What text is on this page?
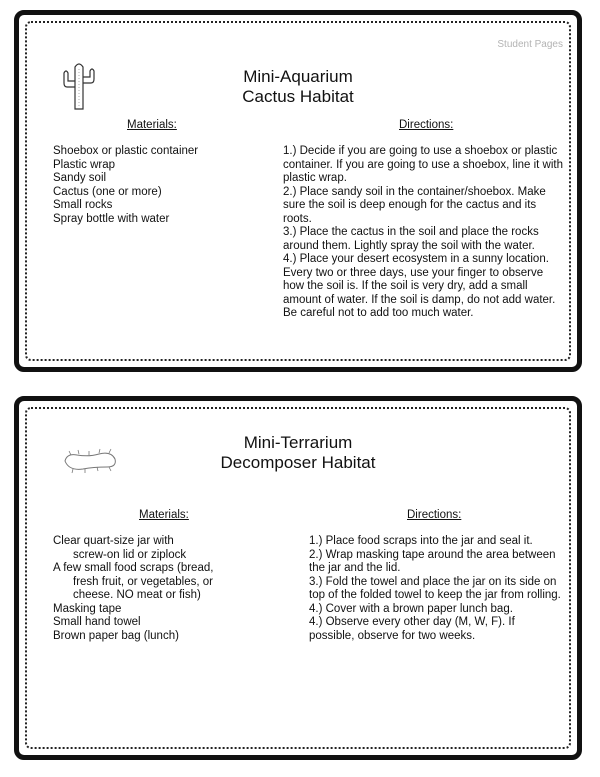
Student Pages
Mini-Aquarium
Cactus Habitat
Materials:	Directions:
Shoebox or plastic container
Plastic wrap
Sandy soil
Cactus (one or more)
Small rocks
Spray bottle with water

1.) Decide if you are going to use a shoebox or plastic container. If you are going to use a shoebox, line it with plastic wrap.

2.) Place sandy soil in the container/shoebox. Make sure the soil is deep enough for the cactus and its roots.

3.) Place the cactus in the soil and place the rocks around them. Lightly spray the soil with the water.

4.) Place your desert ecosystem in a sunny location. Every two or three days, use your finger to observe how the soil is. If the soil is very dry, add a small amount of water. If the soil is damp, do not add water. Be careful not to add too much water.

Mini-Terrarium
Decomposer Habitat
Materials:	Directions:
Clear quart-size jar with
screw-on lid or ziplock
A few small food scraps (bread,
fresh fruit, or vegetables, or
cheese. NO meat or fish)
Masking tape
Small hand towel
Brown paper bag (lunch)

1.) Place food scraps into the jar and seal it.

2.) Wrap masking tape around the area between the jar and the lid.

3.) Fold the towel and place the jar on its side on top of the folded towel to keep the jar from rolling.

4.) Cover with a brown paper lunch bag.

4.) Observe every other day (M, W, F). If possible, observe for two weeks.
